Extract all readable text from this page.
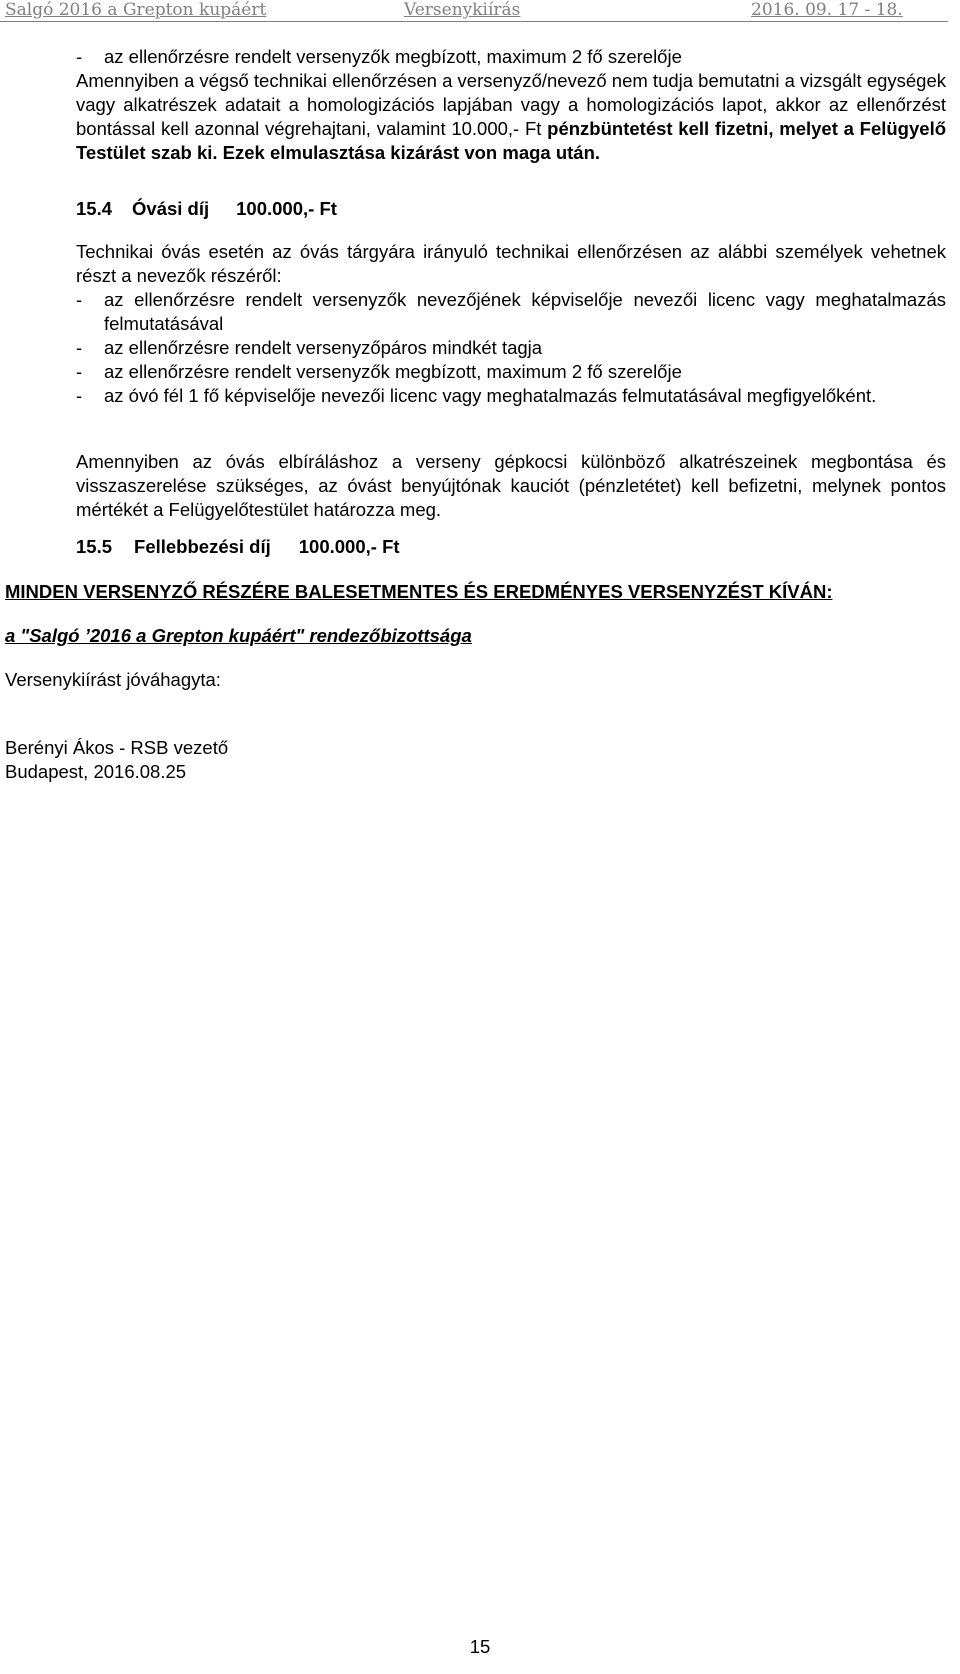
Salgó 2016 a Grepton kupáért	Versenykiírás	2016. 09. 17 - 18.
- az ellenőrzésre rendelt versenyzők megbízott, maximum 2 fő szerelője
Amennyiben a végső technikai ellenőrzésen a versenyző/nevező nem tudja bemutatni a vizsgált egységek vagy alkatrészek adatait a homologizációs lapjában vagy a homologizációs lapot, akkor az ellenőrzést bontással kell azonnal végrehajtani, valamint 10.000,- Ft pénzbüntetést kell fizetni, melyet a Felügyelő Testület szab ki. Ezek elmulasztása kizárást von maga után.
15.4 Óvási díj 100.000,- Ft
Technikai óvás esetén az óvás tárgyára irányuló technikai ellenőrzésen az alábbi személyek vehetnek részt a nevezők részéről:
- az ellenőrzésre rendelt versenyzők nevezőjének képviselője nevezői licenc vagy meghatalmazás felmutatásával
- az ellenőrzésre rendelt versenyzőpáros mindkét tagja
- az ellenőrzésre rendelt versenyzők megbízott, maximum 2 fő szerelője
- az óvó fél 1 fő képviselője nevezői licenc vagy meghatalmazás felmutatásával megfigyelőként.
Amennyiben az óvás elbíráláshoz a verseny gépkocsi különböző alkatrészeinek megbontása és visszaszerelése szükséges, az óvást benyújtónak kauciót (pénzletétet) kell befizetni, melynek pontos mértékét a Felügyelőtestület határozza meg.
15.5 Fellebbezési díj 100.000,- Ft
MINDEN VERSENYZŐ RÉSZÉRE BALESETMENTES ÉS EREDMÉNYES VERSENYZÉST KÍVÁN:
a "Salgó ’2016 a Grepton kupáért" rendezőbizottsága
Versenykiírást jóváhagyta:
Berényi Ákos - RSB vezető
Budapest, 2016.08.25
15
